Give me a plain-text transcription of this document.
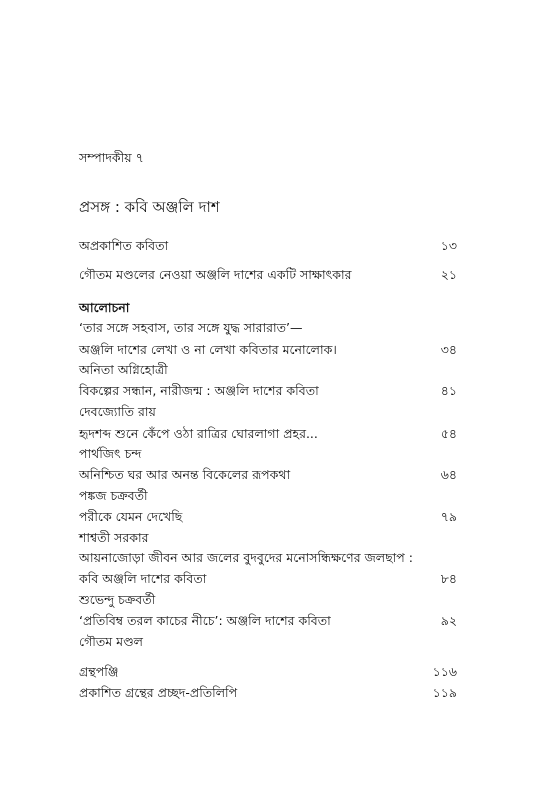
সম্পাদকীয় ৭
প্রসঙ্গ : কবি অঞ্জলি দাশ
অপ্রকাশিত কবিতা	১৩
গৌতম মণ্ডলের নেওয়া অঞ্জলি দাশের একটি সাক্ষাৎকার	২১
আলোচনা
‘তার সঙ্গে সহবাস, তার সঙ্গে যুদ্ধ সারারাত’—
অঞ্জলি দাশের লেখা ও না লেখা কবিতার মনোলোক।	৩৪
অনিতা অগ্নিহোত্রী
বিকল্পের সন্ধান, নারীজন্ম : অঞ্জলি দাশের কবিতা	৪১
দেবজ্যোতি রায়
হৃদশব্দ শুনে কেঁপে ওঠা রাত্রির ঘোরলাগা প্রহর...	৫৪
পার্থজিৎ চন্দ
অনিশ্চিত ঘর আর অনন্ত বিকেলের রূপকথা	৬৪
পঙ্কজ চক্রবর্তী
পরীকে যেমন দেখেছি	৭৯
শাশ্বতী সরকার
আয়নাজোড়া জীবন আর জলের বুদবুদের মনোসন্ধিক্ষণের জলছাপ :
কবি অঞ্জলি দাশের কবিতা	৮৪
শুভেন্দু চক্রবর্তী
‘প্রতিবিম্ব তরল কাচের নীচে’: অঞ্জলি দাশের কবিতা	৯২
গৌতম মণ্ডল
গ্রন্থপঞ্জি	১১৬
প্রকাশিত গ্রন্থের প্রচ্ছদ-প্রতিলিপি	১১৯
